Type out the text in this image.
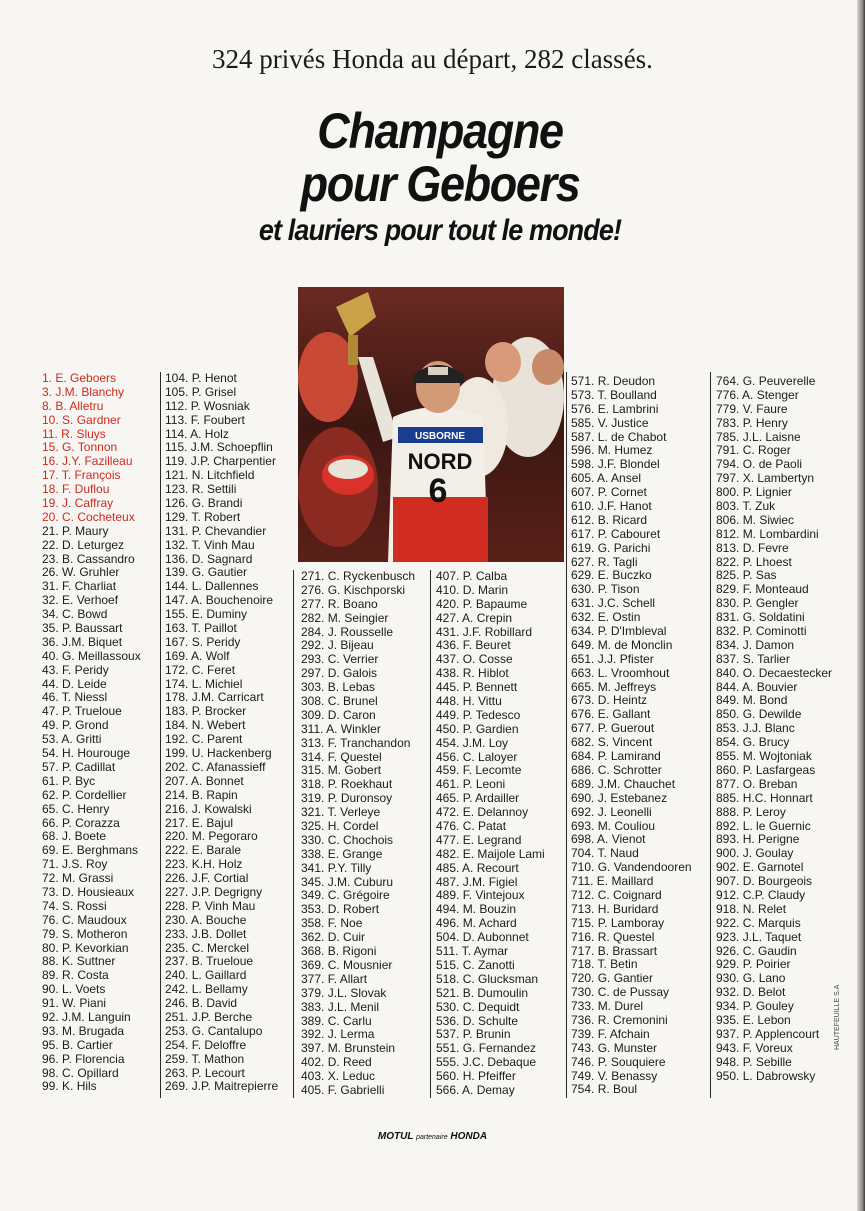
324 privés Honda au départ, 282 classés.
Champagne
pour Geboers
et lauriers pour tout le monde!
USBORNE
NORD
6
1. E. Geboers
3. J.M. Blanchy
8. B. Alletru
10. S. Gardner
11. R. Sluys
15. G. Tonnon
16. J.Y. Fazilleau
17. T. François
18. F. Duflou
19. J. Caffray
20. C. Cocheteux
21. P. Maury
22. D. Leturgez
23. B. Cassandro
26. W. Gruhler
31. F. Charliat
32. E. Verhoef
34. C. Bowd
35. P. Baussart
36. J.M. Biquet
40. G. Meillassoux
43. F. Peridy
44. D. Leide
46. T. Niessl
47. P. Trueloue
49. P. Grond
53. A. Gritti
54. H. Hourouge
57. P. Cadillat
61. P. Byc
62. P. Cordellier
65. C. Henry
66. P. Corazza
68. J. Boete
69. E. Berghmans
71. J.S. Roy
72. M. Grassi
73. D. Housieaux
74. S. Rossi
76. C. Maudoux
79. S. Motheron
80. P. Kevorkian
88. K. Suttner
89. R. Costa
90. L. Voets
91. W. Piani
92. J.M. Languin
93. M. Brugada
95. B. Cartier
96. P. Florencia
98. C. Opillard
99. K. Hils
104. P. Henot
105. P. Grisel
112. P. Wosniak
113. F. Foubert
114. A. Holz
115. J.M. Schoepflin
119. J.P. Charpentier
121. N. Litchfield
123. R. Settili
126. G. Brandi
129. T. Robert
131. P. Chevandier
132. T. Vinh Mau
136. D. Sagnard
139. G. Gautier
144. L. Dallennes
147. A. Bouchenoire
155. E. Duminy
163. T. Paillot
167. S. Peridy
169. A. Wolf
172. C. Feret
174. L. Michiel
178. J.M. Carricart
183. P. Brocker
184. N. Webert
192. C. Parent
199. U. Hackenberg
202. C. Afanassieff
207. A. Bonnet
214. B. Rapin
216. J. Kowalski
217. E. Bajul
220. M. Pegoraro
222. E. Barale
223. K.H. Holz
226. J.F. Cortial
227. J.P. Degrigny
228. P. Vinh Mau
230. A. Bouche
233. J.B. Dollet
235. C. Merckel
237. B. Trueloue
240. L. Gaillard
242. L. Bellamy
246. B. David
251. J.P. Berche
253. G. Cantalupo
254. F. Deloffre
259. T. Mathon
263. P. Lecourt
269. J.P. Maitrepierre
271. C. Ryckenbusch
276. G. Kischporski
277. R. Boano
282. M. Seingier
284. J. Rousselle
292. J. Bijeau
293. C. Verrier
297. D. Galois
303. B. Lebas
308. C. Brunel
309. D. Caron
311. A. Winkler
313. F. Tranchandon
314. F. Questel
315. M. Gobert
318. P. Roekhaut
319. P. Duronsoy
321. T. Verleye
325. H. Cordel
330. C. Chochois
338. E. Grange
341. P.Y. Tilly
345. J.M. Cuburu
349. C. Grégoire
353. D. Robert
358. F. Noe
362. D. Cuir
368. B. Rigoni
369. C. Mousnier
377. F. Allart
379. J.L. Slovak
383. J.L. Menil
389. C. Carlu
392. J. Lerma
397. M. Brunstein
402. D. Reed
403. X. Leduc
405. F. Gabrielli
407. P. Calba
410. D. Marin
420. P. Bapaume
427. A. Crepin
431. J.F. Robillard
436. F. Beuret
437. O. Cosse
438. R. Hiblot
445. P. Bennett
448. H. Vittu
449. P. Tedesco
450. P. Gardien
454. J.M. Loy
456. C. Laloyer
459. F. Lecomte
461. P. Leoni
465. P. Ardailler
472. E. Delannoy
476. C. Patat
477. E. Legrand
482. E. Maijole Lami
485. A. Recourt
487. J.M. Figiel
489. F. Vintejoux
494. M. Bouzin
496. M. Achard
504. D. Aubonnet
511. T. Aymar
515. C. Zanotti
518. C. Glucksman
521. B. Dumoulin
530. C. Dequidt
536. D. Schulte
537. P. Brunin
551. G. Fernandez
555. J.C. Debaque
560. H. Pfeiffer
566. A. Demay
571. R. Deudon
573. T. Boulland
576. E. Lambrini
585. V. Justice
587. L. de Chabot
596. M. Humez
598. J.F. Blondel
605. A. Ansel
607. P. Cornet
610. J.F. Hanot
612. B. Ricard
617. P. Cabouret
619. G. Parichi
627. R. Tagli
629. E. Buczko
630. P. Tison
631. J.C. Schell
632. E. Ostin
634. P. D'Imbleval
649. M. de Monclin
651. J.J. Pfister
663. L. Vroomhout
665. M. Jeffreys
673. D. Heintz
676. E. Gallant
677. P. Guerout
682. S. Vincent
684. P. Lamirand
686. C. Schrotter
689. J.M. Chauchet
690. J. Estebanez
692. J. Leonelli
693. M. Couliou
698. A. Vienot
704. T. Naud
710. G. Vandendooren
711. E. Maillard
712. C. Coignard
713. H. Buridard
715. P. Lamboray
716. R. Questel
717. B. Brassart
718. T. Betin
720. G. Gantier
730. C. de Pussay
733. M. Durel
736. R. Cremonini
739. F. Afchain
743. G. Munster
746. P. Souquiere
749. V. Benassy
754. R. Boul
764. G. Peuverelle
776. A. Stenger
779. V. Faure
783. P. Henry
785. J.L. Laisne
791. C. Roger
794. O. de Paoli
797. X. Lambertyn
800. P. Lignier
803. T. Zuk
806. M. Siwiec
812. M. Lombardini
813. D. Fevre
822. P. Lhoest
825. P. Sas
829. F. Monteaud
830. P. Gengler
831. G. Soldatini
832. P. Cominotti
834. J. Damon
837. S. Tarlier
840. O. Decaestecker
844. A. Bouvier
849. M. Bond
850. G. Dewilde
853. J.J. Blanc
854. G. Brucy
855. M. Wojtoniak
860. P. Lasfargeas
877. O. Breban
885. H.C. Honnart
888. P. Leroy
892. L. le Guernic
893. H. Perigne
900. J. Goulay
902. E. Garnotel
907. D. Bourgeois
912. C.P. Claudy
918. N. Relet
922. C. Marquis
923. J.L. Taquet
926. C. Gaudin
929. P. Poirier
930. G. Lano
932. D. Belot
934. P. Gouley
935. E. Lebon
937. P. Applencourt
943. F. Voreux
948. P. Sebille
950. L. Dabrowsky
MOTUL partenaire HONDA
HAUTEFEUILLE S.A
